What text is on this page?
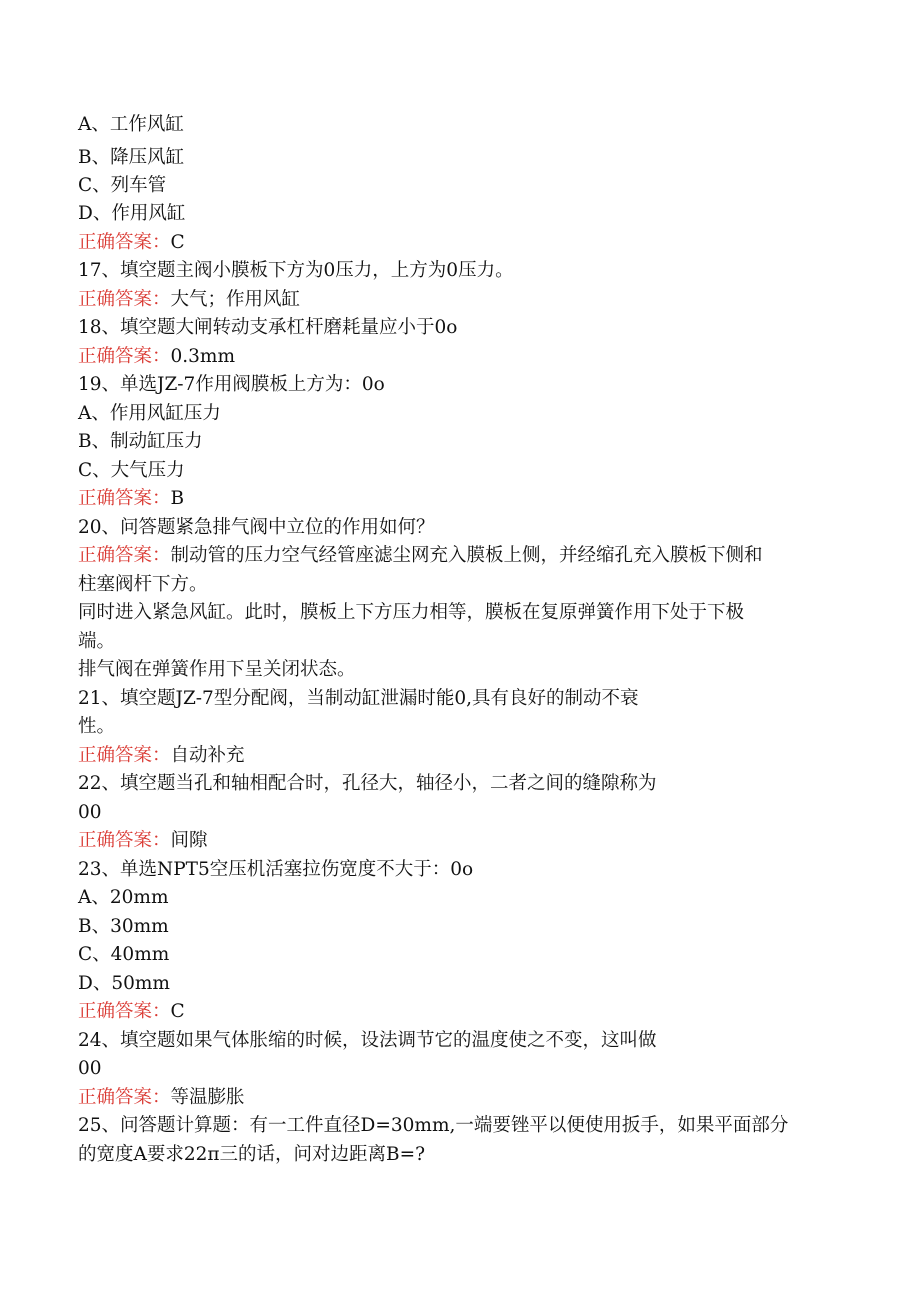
A、工作风缸
B、降压风缸
C、列车管
D、作用风缸
正确答案：C
17、填空题主阀小膜板下方为0压力，上方为0压力。
正确答案：大气；作用风缸
18、填空题大闸转动支承杠杆磨耗量应小于0o
正确答案：0.3mm
19、单选JZ-7作用阀膜板上方为：0o
A、作用风缸压力
B、制动缸压力
C、大气压力
正确答案：B
20、问答题紧急排气阀中立位的作用如何？
正确答案：制动管的压力空气经管座滤尘网充入膜板上侧，并经缩孔充入膜板下侧和
柱塞阀杆下方。
同时进入紧急风缸。此时，膜板上下方压力相等，膜板在复原弹簧作用下处于下极
端。
排气阀在弹簧作用下呈关闭状态。
21、填空题JZ-7型分配阀，当制动缸泄漏时能0,具有良好的制动不衰
性。
正确答案：自动补充
22、填空题当孔和轴相配合时，孔径大，轴径小，二者之间的缝隙称为
00
正确答案：间隙
23、单选NPT5空压机活塞拉伤宽度不大于：0o
A、20mm
B、30mm
C、40mm
D、50mm
正确答案：C
24、填空题如果气体胀缩的时候，设法调节它的温度使之不变，这叫做
00
正确答案：等温膨胀
25、问答题计算题：有一工件直径D=30mm,一端要锉平以便使用扳手，如果平面部分
的宽度A要求22π三的话，问对边距离B=?
